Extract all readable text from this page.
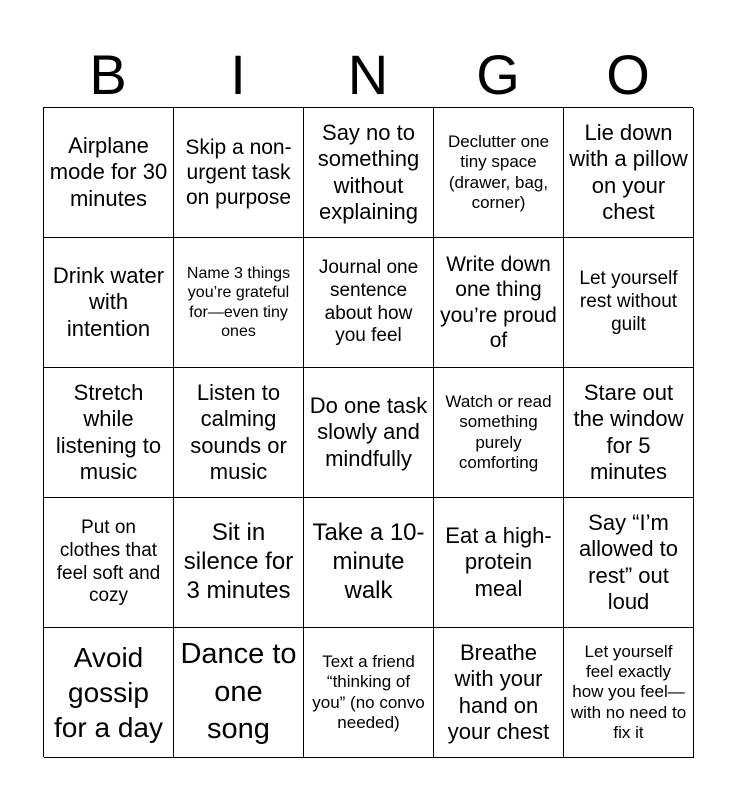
B	I	N	G	O
Airplane mode for 30 minutes
Skip a non-urgent task on purpose
Say no to something without explaining
Declutter one tiny space (drawer, bag, corner)
Lie down with a pillow on your chest
Drink water with intention
Name 3 things you’re grateful for—even tiny ones
Journal one sentence about how you feel
Write down one thing you’re proud of
Let yourself rest without guilt
Stretch while listening to music
Listen to calming sounds or music
Do one task slowly and mindfully
Watch or read something purely comforting
Stare out the window for 5 minutes
Put on clothes that feel soft and cozy
Sit in silence for 3 minutes
Take a 10-minute walk
Eat a high-protein meal
Say “I’m allowed to rest” out loud
Avoid gossip for a day
Dance to one song
Text a friend “thinking of you” (no convo needed)
Breathe with your hand on your chest
Let yourself feel exactly how you feel—with no need to fix it
